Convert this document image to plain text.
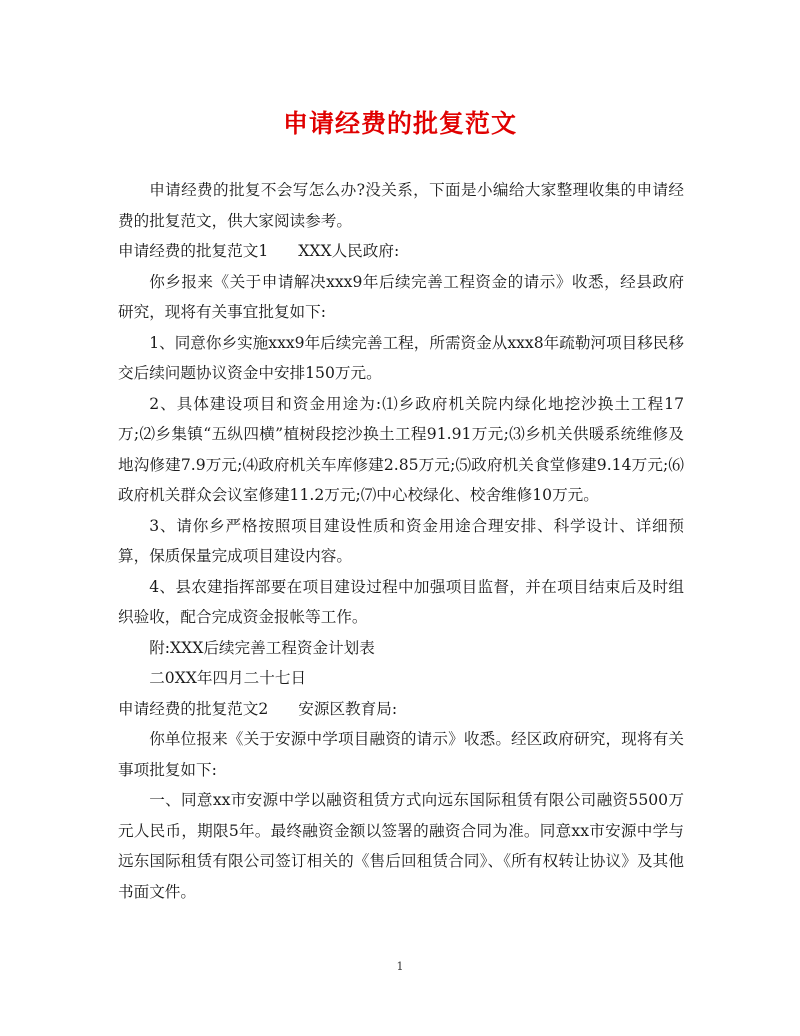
申请经费的批复范文

申请经费的批复不会写怎么办?没关系，下面是小编给大家整理收集的申请经费的批复范文，供大家阅读参考。

申请经费的批复范文1 XXX人民政府:

你乡报来《关于申请解决xxx9年后续完善工程资金的请示》收悉，经县政府研究，现将有关事宜批复如下:

1、同意你乡实施xxx9年后续完善工程，所需资金从xxx8年疏勒河项目移民移交后续问题协议资金中安排150万元。

2、具体建设项目和资金用途为:⑴乡政府机关院内绿化地挖沙换土工程17万;⑵乡集镇“五纵四横”植树段挖沙换土工程91.91万元;⑶乡机关供暖系统维修及地沟修建7.9万元;⑷政府机关车库修建2.85万元;⑸政府机关食堂修建9.14万元;⑹政府机关群众会议室修建11.2万元;⑺中心校绿化、校舍维修10万元。

3、请你乡严格按照项目建设性质和资金用途合理安排、科学设计、详细预算，保质保量完成项目建设内容。

4、县农建指挥部要在项目建设过程中加强项目监督，并在项目结束后及时组织验收，配合完成资金报帐等工作。

附:XXX后续完善工程资金计划表

二0XX年四月二十七日

申请经费的批复范文2 安源区教育局:

你单位报来《关于安源中学项目融资的请示》收悉。经区政府研究，现将有关事项批复如下:

一、同意xx市安源中学以融资租赁方式向远东国际租赁有限公司融资5500万元人民币，期限5年。最终融资金额以签署的融资合同为准。同意xx市安源中学与远东国际租赁有限公司签订相关的《售后回租赁合同》、《所有权转让协议》及其他书面文件。

1
